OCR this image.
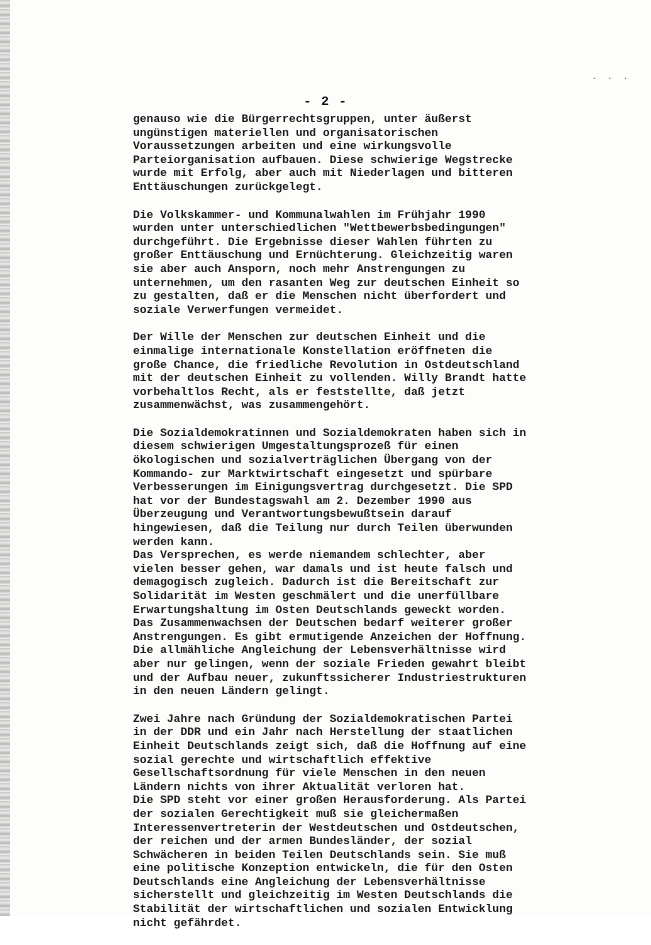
· · ·
- 2 -

genauso wie die Bürgerrechtsgruppen, unter äußerst
ungünstigen materiellen und organisatorischen
Voraussetzungen arbeiten und eine wirkungsvolle
Parteiorganisation aufbauen. Diese schwierige Wegstrecke
wurde mit Erfolg, aber auch mit Niederlagen und bitteren
Enttäuschungen zurückgelegt.

Die Volkskammer- und Kommunalwahlen im Frühjahr 1990
wurden unter unterschiedlichen "Wettbewerbsbedingungen"
durchgeführt. Die Ergebnisse dieser Wahlen führten zu
großer Enttäuschung und Ernüchterung. Gleichzeitig waren
sie aber auch Ansporn, noch mehr Anstrengungen zu
unternehmen, um den rasanten Weg zur deutschen Einheit so
zu gestalten, daß er die Menschen nicht überfordert und
soziale Verwerfungen vermeidet.

Der Wille der Menschen zur deutschen Einheit und die
einmalige internationale Konstellation eröffneten die
große Chance, die friedliche Revolution in Ostdeutschland
mit der deutschen Einheit zu vollenden. Willy Brandt hatte
vorbehaltlos Recht, als er feststellte, daß jetzt
zusammenwächst, was zusammengehört.

Die Sozialdemokratinnen und Sozialdemokraten haben sich in
diesem schwierigen Umgestaltungsprozeß für einen
ökologischen und sozialverträglichen Übergang von der
Kommando- zur Marktwirtschaft eingesetzt und spürbare
Verbesserungen im Einigungsvertrag durchgesetzt. Die SPD
hat vor der Bundestagswahl am 2. Dezember 1990 aus
Überzeugung und Verantwortungsbewußtsein darauf
hingewiesen, daß die Teilung nur durch Teilen überwunden
werden kann.
Das Versprechen, es werde niemandem schlechter, aber
vielen besser gehen, war damals und ist heute falsch und
demagogisch zugleich. Dadurch ist die Bereitschaft zur
Solidarität im Westen geschmälert und die unerfüllbare
Erwartungshaltung im Osten Deutschlands geweckt worden.
Das Zusammenwachsen der Deutschen bedarf weiterer großer
Anstrengungen. Es gibt ermutigende Anzeichen der Hoffnung.
Die allmähliche Angleichung der Lebensverhältnisse wird
aber nur gelingen, wenn der soziale Frieden gewahrt bleibt
und der Aufbau neuer, zukunftssicherer Industriestrukturen
in den neuen Ländern gelingt.

Zwei Jahre nach Gründung der Sozialdemokratischen Partei
in der DDR und ein Jahr nach Herstellung der staatlichen
Einheit Deutschlands zeigt sich, daß die Hoffnung auf eine
sozial gerechte und wirtschaftlich effektive
Gesellschaftsordnung für viele Menschen in den neuen
Ländern nichts von ihrer Aktualität verloren hat.
Die SPD steht vor einer großen Herausforderung. Als Partei
der sozialen Gerechtigkeit muß sie gleichermaßen
Interessenvertreterin der Westdeutschen und Ostdeutschen,
der reichen und der armen Bundesländer, der sozial
Schwächeren in beiden Teilen Deutschlands sein. Sie muß
eine politische Konzeption entwickeln, die für den Osten
Deutschlands eine Angleichung der Lebensverhältnisse
sicherstellt und gleichzeitig im Westen Deutschlands die
Stabilität der wirtschaftlichen und sozialen Entwicklung
nicht gefährdet.
